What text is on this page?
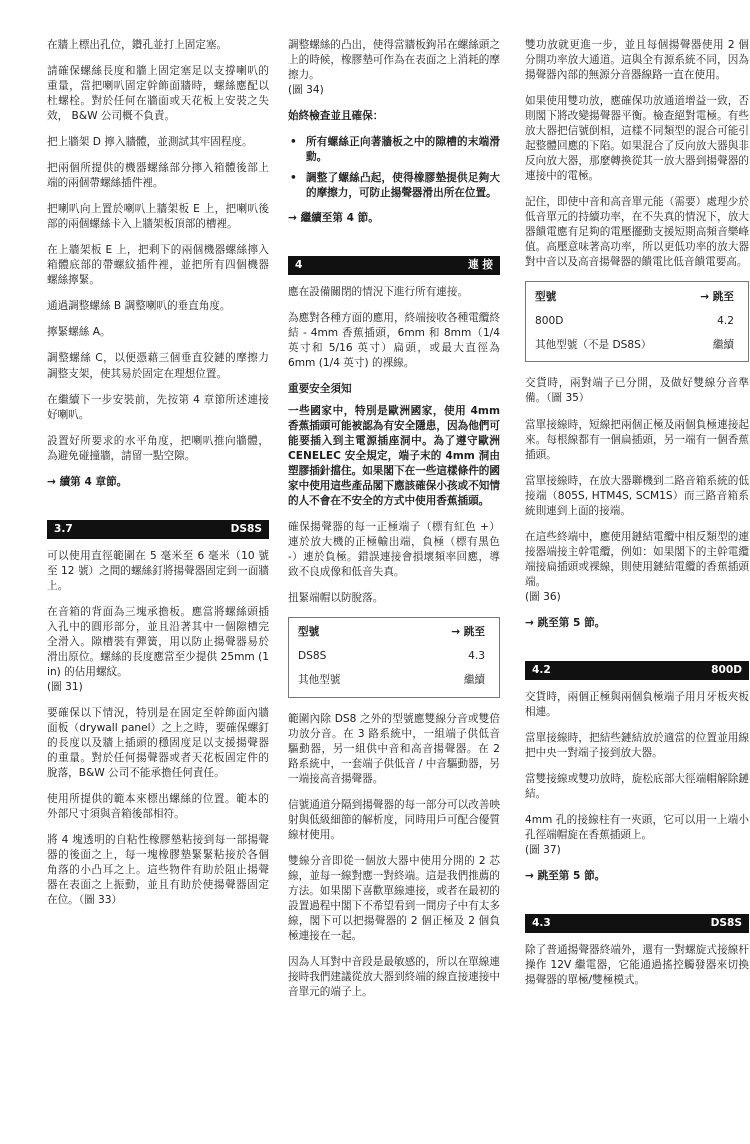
在牆上標出孔位，鑽孔並打上固定塞。

請確保螺絲長度和牆上固定塞足以支撐喇叭的重量，當把喇叭固定幹飾面牆時，螺絲應配以杜螺栓。對於任何在牆面或天花板上安裝之失效， B&W 公司概不負責。

把上牆架 D 擰入牆體，並測試其牢固程度。

把兩個所提供的機器螺絲部分擰入箱體後部上端的兩個帶螺絲插件裡。

把喇叭向上置於喇叭上牆架板 E 上，把喇叭後部的兩個螺絲卡入上牆架板頂部的槽裡。

在上牆架板 E 上，把剩下的兩個機器螺絲擰入箱體底部的帶螺紋插件裡，並把所有四個機器螺絲擰緊。

通過調整螺絲 B 調整喇叭的垂直角度。

擰緊螺絲 A。

調整螺絲 C，以便憑藉三個垂直狡鏈的摩擦力調整支架，使其易於固定在理想位置。

在繼續下一步安裝前，先按第 4 章節所述連接好喇叭。

設置好所要求的水平角度，把喇叭推向牆體，為避免碰撞牆，請留一點空隙。

→ 續第 4 章節。
3.7	DS8S

可以使用直徑範圍在 5 毫米至 6 毫米（10 號至 12 號）之間的螺絲釘將揚聲器固定到一面牆上。

在音箱的背面為三塊承擔板。應當將螺絲頭插入孔中的圓形部分，並且沿著其中一個隙槽完全滑入。隙槽裝有彈簧，用以防止揚聲器易於滑出原位。螺絲的長度應當至少提供 25mm (1 in) 的佔用螺紋。
(圖 31)

要確保以下情況，特別是在固定至幹飾面內牆面板（drywall panel）之上之時，要確保螺釘的長度以及牆上插頭的穩固度足以支援揚聲器的重量。對於任何揚聲器或者天花板固定件的脫落，B&W 公司不能承擔任何責任。

使用所提供的範本來標出螺絲的位置。範本的外部尺寸須與音箱後部相符。

將 4 塊透明的自粘性橡膠墊粘接到每一部揚聲器的後面之上，每一塊橡膠墊緊緊粘接於各個角落的小凸耳之上。這些物件有助於阻止揚聲器在表面之上振動，並且有助於使揚聲器固定在位。（圖 33）

調整螺絲的凸出，使得當牆板鉤吊在螺絲頭之上的時候，橡膠墊可作為在表面之上消耗的摩擦力。
(圖 34)

始終檢查並且確保：

• 所有螺絲正向著牆板之中的隙槽的末端滑動。
• 調整了螺絲凸起，使得橡膠墊提供足夠大的摩擦力，可防止揚聲器滑出所在位置。
→ 繼續至第 4 節。
4	連 接

應在設備關閉的情況下進行所有連接。

為應對各種方面的應用，終端接收各種電纜終結 - 4mm 香蕉插頭，6mm 和 8mm（1/4 英寸和 5/16 英寸）扁頭，或最大直徑為 6mm (1/4 英寸) 的裸線。

重要安全須知

一些國家中，特別是歐洲國家，使用 4mm 香蕉插頭可能被認為有安全隱患，因為他們可能要插入到主電源插座洞中。為了遵守歐洲 CENELEC 安全規定，端子末的 4mm 洞由塑膠插針擋住。如果閣下在一些這樣條件的國家中使用這些產品閣下應該確保小孩或不知情的人不會在不安全的方式中使用香蕉插頭。

確保揚聲器的每一正極端子（標有紅色 +）連於放大機的正極輸出端，負極（標有黑色 -）連於負極。錯誤連接會損壞頻率回應，導致不良成像和低音失真。

扭緊端帽以防脫落。

型號	→ 跳至
DS8S	4.3
其他型號	繼續

範圍內除 DS8 之外的型號應雙線分音或雙倍功放分音。在 3 路系統中，一組端子供低音驅動器，另一組供中音和高音揚聲器。在 2 路系統中，一套端子供低音 / 中音驅動器，另一端接高音揚聲器。

信號通道分隔到揚聲器的每一部分可以改善映射與低級細節的解析度，同時用戶可配合優質線材使用。

雙線分音即從一個放大器中使用分開的 2 芯線，並每一線對應一對終端。這是我們推薦的方法。如果閣下喜歡單線連接，或者在最初的設置過程中閣下不希望看到一間房子中有太多線，閣下可以把揚聲器的 2 個正極及 2 個負極連接在一起。

因為人耳對中音段是最敏感的，所以在單線連接時我們建議從放大器到終端的線直接連接中音單元的端子上。

雙功放就更進一步，並且每個揚聲器使用 2 個分開功率放大通道。這與全有源系統不同，因為揚聲器內部的無源分音器線路一直在使用。

如果使用雙功放，應確保功放通道增益一致，否則閣下將改變揚聲器平衡。檢查絕對電極。有些放大器把信號倒相，這樣不同類型的混合可能引起整體回應的下陷。如果混合了反向放大器與非反向放大器，那麼轉換從其一放大器到揚聲器的連接中的電極。

記住，即使中音和高音單元能（需要）處理少於低音單元的持續功率，在不失真的情況下，放大器饋電應有足夠的電壓擺動支援短期高頻音樂峰值。高壓意味著高功率，所以更低功率的放大器對中音以及高音揚聲器的饋電比低音饋電要高。

型號	→ 跳至
800D	4.2
其他型號（不是 DS8S）	繼續

交貨時，兩對端子已分開，及做好雙線分音準備。（圖 35）

當單接線時，短線把兩個正極及兩個負極連接起來。每根線都有一個扁插頭，另一端有一個香蕉插頭。

當單接線時，在放大器聯機到二路音箱系統的低接端（805S, HTM4S, SCM1S）而三路音箱系統則連到上面的接端。

在這些終端中，應使用鏈結電纜中相反類型的連接器端接主幹電纜，例如：如果閣下的主幹電纜端接扁插頭或裸線，則使用鏈結電纜的香蕉插頭端。
(圖 36)

→ 跳至第 5 節。
4.2	800D

交貨時，兩個正極與兩個負極端子用月牙板夾板相連。

當單接線時，把結些鏈結放於適當的位置並用線把中央一對端子接到放大器。

當雙接線或雙功放時，旋松底部大徑端帽解除鏈結。

4mm 孔的接線柱有一夾頭，它可以用一上端小孔徑端帽旋在香蕉插頭上。
(圖 37)

→ 跳至第 5 節。
4.3	DS8S

除了普通揚聲器終端外，還有一對螺旋式接線杆操作 12V 繼電器，它能通過搖控觸發器來切換揚聲器的單極/雙極模式。
